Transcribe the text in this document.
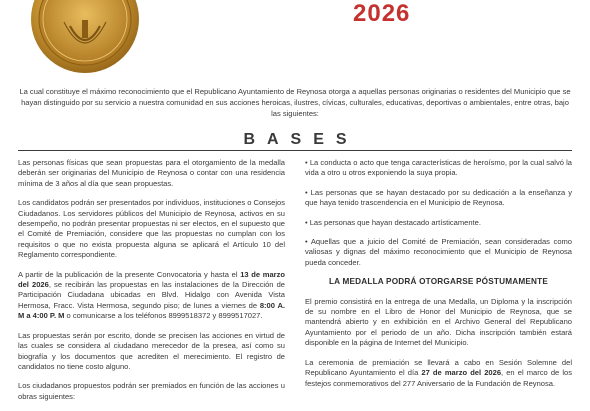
2026
La cual constituye el máximo reconocimiento que el Republicano Ayuntamiento de Reynosa otorga a aquellas personas originarias o residentes del Municipio que se hayan distinguido por su servicio a nuestra comunidad en sus acciones heroicas, ilustres, cívicas, culturales, educativas, deportivas o ambientales, entre otras, bajo las siguientes:
BASES

Las personas físicas que sean propuestas para el otorgamiento de la medalla deberán ser originarias del Municipio de Reynosa o contar con una residencia mínima de 3 años al día que sean propuestas.

Los candidatos podrán ser presentados por individuos, instituciones o Consejos Ciudadanos. Los servidores públicos del Municipio de Reynosa, activos en su desempeño, no podrán presentar propuestas ni ser electos, en el supuesto que el Comité de Premiación, considere que las propuestas no cumplan con los requisitos o que no exista propuesta alguna se aplicará el Artículo 10 del Reglamento correspondiente.

A partir de la publicación de la presente Convocatoria y hasta el 13 de marzo del 2026, se recibirán las propuestas en las instalaciones de la Dirección de Participación Ciudadana ubicadas en Blvd. Hidalgo con Avenida Vista Hermosa, Fracc. Vista Hermosa, segundo piso; de lunes a viernes de 8:00 A. M a 4:00 P. M o comunicarse a los teléfonos 8999518372 y 8999517027.

Las propuestas serán por escrito, donde se precisen las acciones en virtud de las cuales se considera al ciudadano merecedor de la presea, así como su biografía y los documentos que acrediten el merecimiento. El registro de candidatos no tiene costo alguno.

Los ciudadanos propuestos podrán ser premiados en función de las acciones u obras siguientes:

• La conducta o acto que tenga características de heroísmo, por la cual salvó la vida a otro u otros exponiendo la suya propia.

• Las personas que se hayan destacado por su dedicación a la enseñanza y que haya tenido trascendencia en el Municipio de Reynosa.

• Las personas que hayan destacado artísticamente.

• Aquellas que a juicio del Comité de Premiación, sean consideradas como valiosas y dignas del máximo reconocimiento que el Municipio de Reynosa pueda conceder.

LA MEDALLA PODRÁ OTORGARSE PÓSTUMAMENTE

El premio consistirá en la entrega de una Medalla, un Diploma y la inscripción de su nombre en el Libro de Honor del Municipio de Reynosa, que se mantendrá abierto y en exhibición en el Archivo General del Republicano Ayuntamiento por el periodo de un año. Dicha inscripción también estará disponible en la página de Internet del Municipio.

La ceremonia de premiación se llevará a cabo en Sesión Solemne del Republicano Ayuntamiento el día 27 de marzo del 2026, en el marco de los festejos conmemorativos del 277 Aniversario de la Fundación de Reynosa.
